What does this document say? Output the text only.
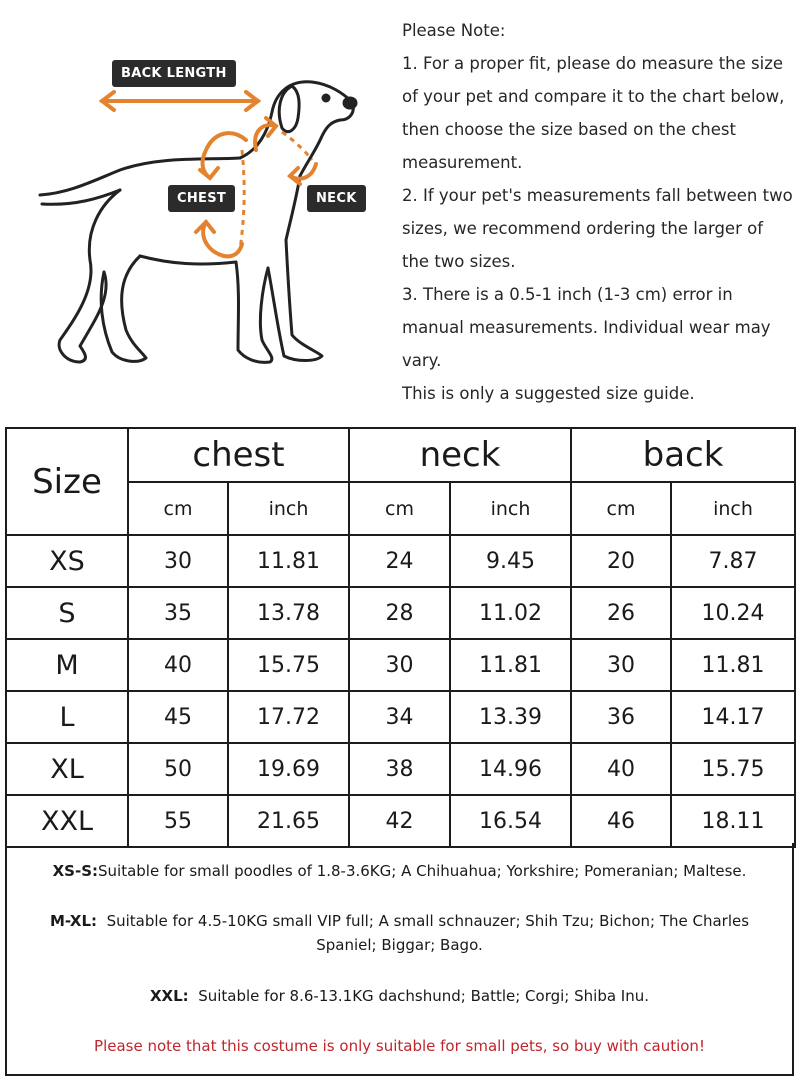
BACK LENGTH
CHEST	NECK
Please Note:
1. For a proper fit, please do measure the size of your pet and compare it to the chart below, then choose the size based on the chest measurement.
2. If your pet's measurements fall between two sizes, we recommend ordering the larger of the two sizes.
3. There is a 0.5-1 inch (1-3 cm) error in manual measurements. Individual wear may vary.
This is only a suggested size guide.
Size	chest		neck		back	
	cm	inch	cm	inch	cm	inch
XS	30	11.81	24	9.45	20	7.87
S	35	13.78	28	11.02	26	10.24
M	40	15.75	30	11.81	30	11.81
L	45	17.72	34	13.39	36	14.17
XL	50	19.69	38	14.96	40	15.75
XXL	55	21.65	42	16.54	46	18.11
XS-S:Suitable for small poodles of 1.8-3.6KG; A Chihuahua; Yorkshire; Pomeranian; Maltese.
M-XL: Suitable for 4.5-10KG small VIP full; A small schnauzer; Shih Tzu; Bichon; The Charles Spaniel; Biggar; Bago.
XXL: Suitable for 8.6-13.1KG dachshund; Battle; Corgi; Shiba Inu.
Please note that this costume is only suitable for small pets, so buy with caution!
